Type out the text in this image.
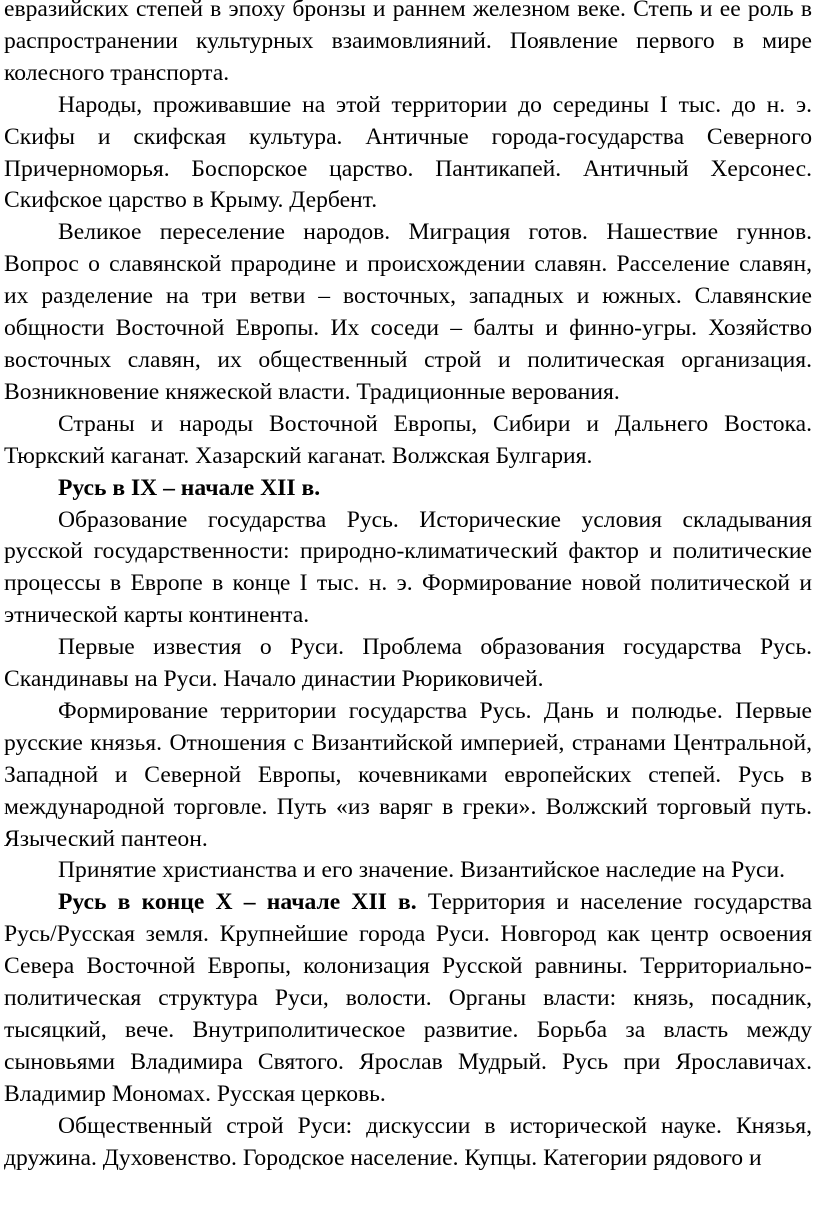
евразийских степей в эпоху бронзы и раннем железном веке. Степь и ее роль в распространении культурных взаимовлияний. Появление первого в мире колесного транспорта.

Народы, проживавшие на этой территории до середины I тыс. до н. э. Скифы и скифская культура. Античные города-государства Северного Причерноморья. Боспорское царство. Пантикапей. Античный Херсонес. Скифское царство в Крыму. Дербент.

Великое переселение народов. Миграция готов. Нашествие гуннов. Вопрос о славянской прародине и происхождении славян. Расселение славян, их разделение на три ветви – восточных, западных и южных. Славянские общности Восточной Европы. Их соседи – балты и финно-угры. Хозяйство восточных славян, их общественный строй и политическая организация. Возникновение княжеской власти. Традиционные верования.

Страны и народы Восточной Европы, Сибири и Дальнего Востока. Тюркский каганат. Хазарский каганат. Волжская Булгария.

Русь в IX – начале XII в.

Образование государства Русь. Исторические условия складывания русской государственности: природно-климатический фактор и политические процессы в Европе в конце I тыс. н. э. Формирование новой политической и этнической карты континента.

Первые известия о Руси. Проблема образования государства Русь. Скандинавы на Руси. Начало династии Рюриковичей.

Формирование территории государства Русь. Дань и полюдье. Первые русские князья. Отношения с Византийской империей, странами Центральной, Западной и Северной Европы, кочевниками европейских степей. Русь в международной торговле. Путь «из варяг в греки». Волжский торговый путь. Языческий пантеон.

Принятие христианства и его значение. Византийское наследие на Руси.

Русь в конце X – начале XII в. Территория и население государства Русь/Русская земля. Крупнейшие города Руси. Новгород как центр освоения Севера Восточной Европы, колонизация Русской равнины. Территориально-политическая структура Руси, волости. Органы власти: князь, посадник, тысяцкий, вече. Внутриполитическое развитие. Борьба за власть между сыновьями Владимира Святого. Ярослав Мудрый. Русь при Ярославичах. Владимир Мономах. Русская церковь.

Общественный строй Руси: дискуссии в исторической науке. Князья, дружина. Духовенство. Городское население. Купцы. Категории рядового и
